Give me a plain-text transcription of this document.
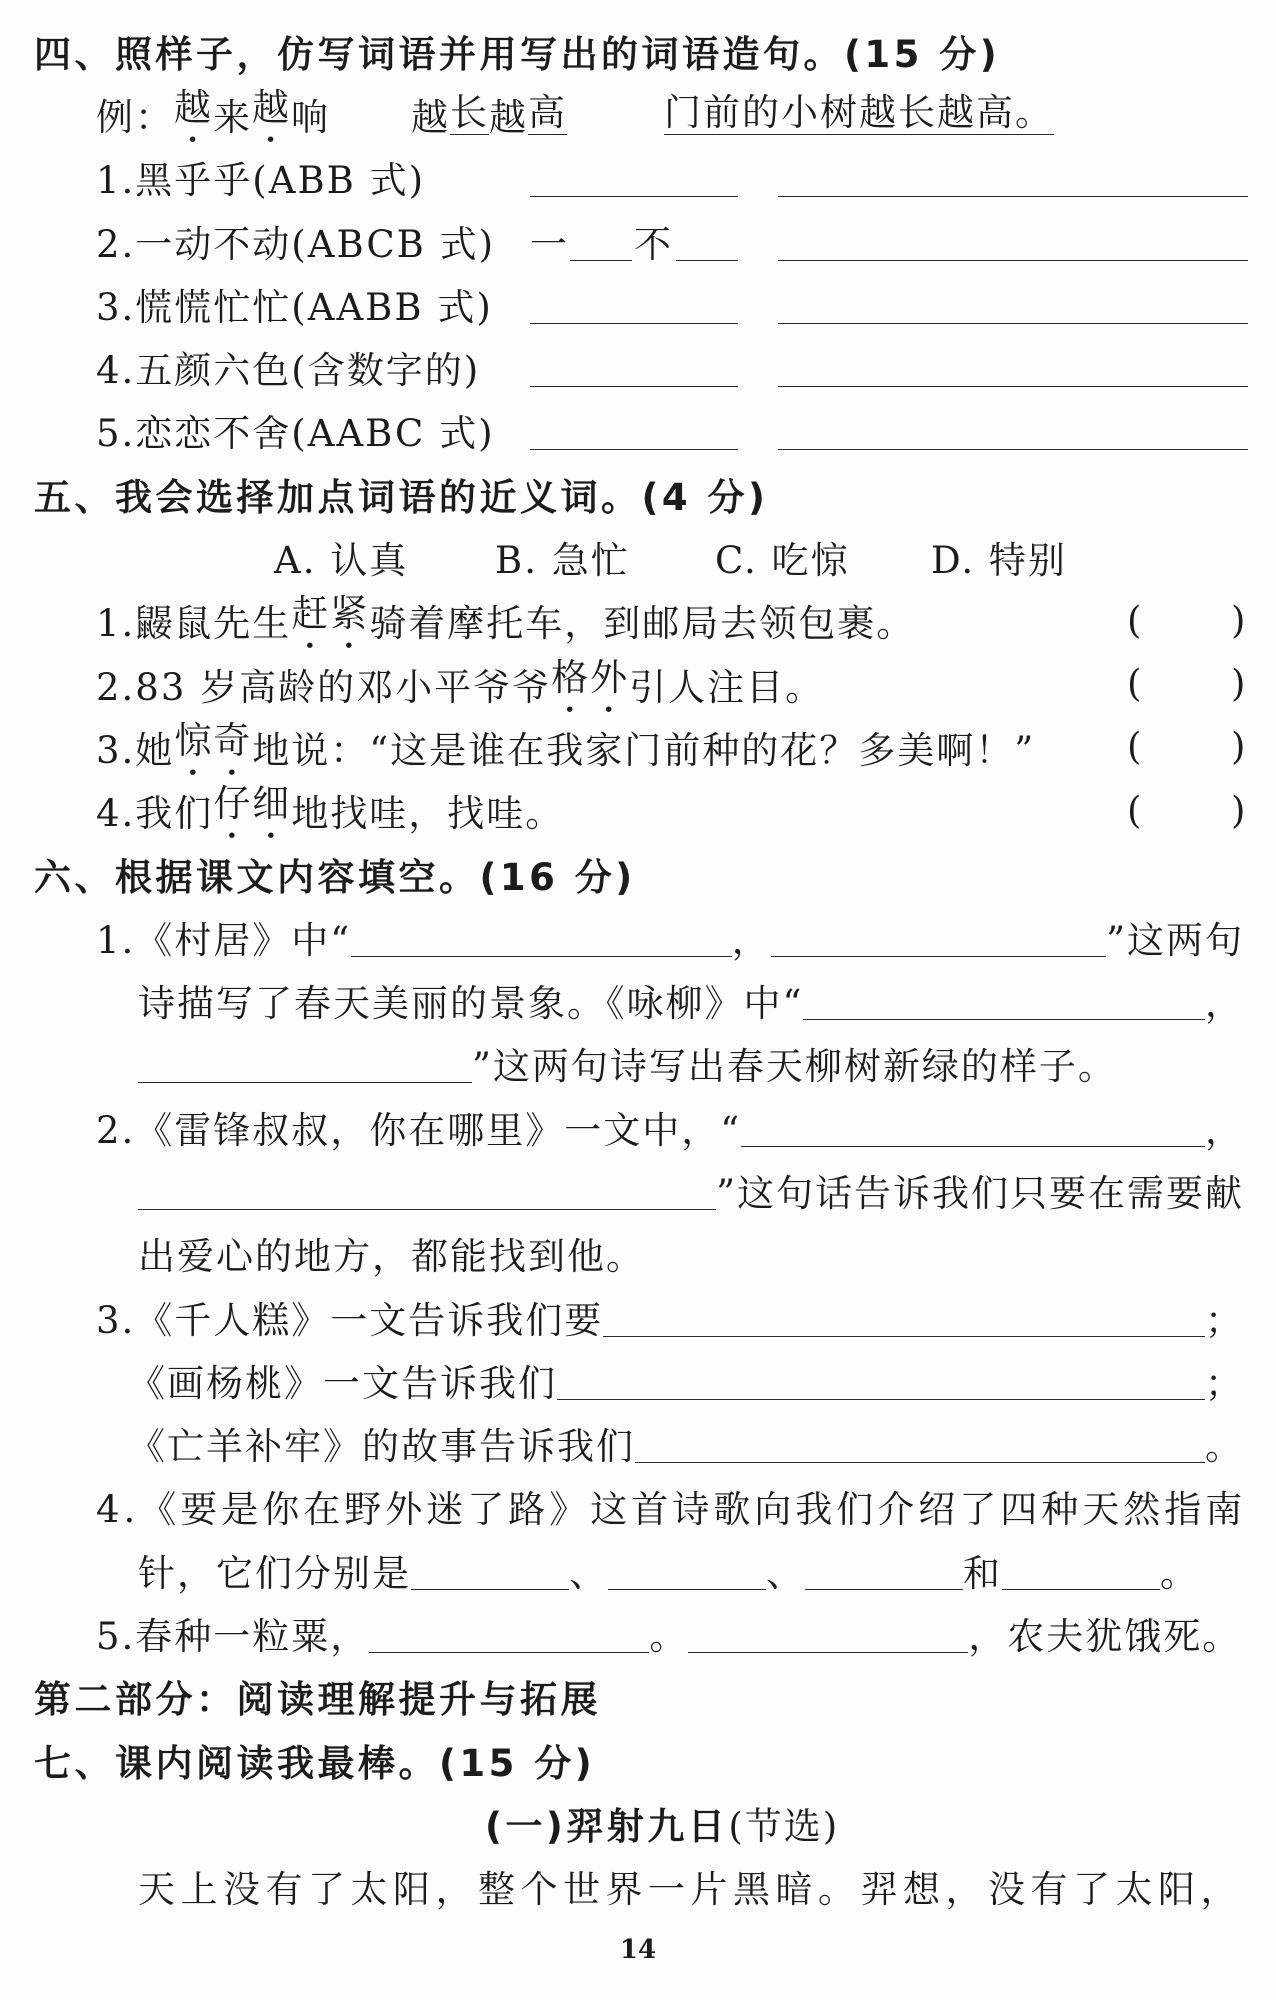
四、照样子，仿写词语并用写出的词语造句。(15 分)
例： 越 来 越 响 越 长 越 高	门前的小树越长越高。
1.黑乎乎(ABB 式)
2.一动不动(ABCB 式) 一 不
3.慌慌忙忙(AABB 式)
4.五颜六色(含数字的)
5.恋恋不舍(AABC 式)
五、我会选择加点词语的近义词。(4 分)
A. 认真 B. 急忙 C. 吃惊 D. 特别
1.鼹鼠先生 赶紧 骑着摩托车，到邮局去领包裹。	( )
2.83 岁高龄的邓小平爷爷 格外 引人注目。	( )
3.她 惊奇 地说：“这是谁在我家门前种的花？多美啊！” ( )
4.我们 仔细 地找哇，找哇。	( )
六、根据课文内容填空。(16 分)
1.《村居》中“	，	”这两句
诗描写了春天美丽的景象。《咏柳》中“	，
”这两句诗写出春天柳树新绿的样子。
2.《雷锋叔叔，你在哪里》一文中，“	，
”这句话告诉我们只要在需要献
出爱心的地方，都能找到他。
3.《千人糕》一文告诉我们要	；
《画杨桃》一文告诉我们	；
《亡羊补牢》的故事告诉我们	。
4.《要是你在野外迷了路》这首诗歌向我们介绍了四种天然指南
针，它们分别是	、	、	和	。
5.春种一粒粟，	。	，农夫犹饿死。
第二部分：阅读理解提升与拓展
七、课内阅读我最棒。(15 分)
(一)羿射九日 (节选)
天上没有了太阳，整个世界一片黑暗。羿想，没有了太阳，
14
